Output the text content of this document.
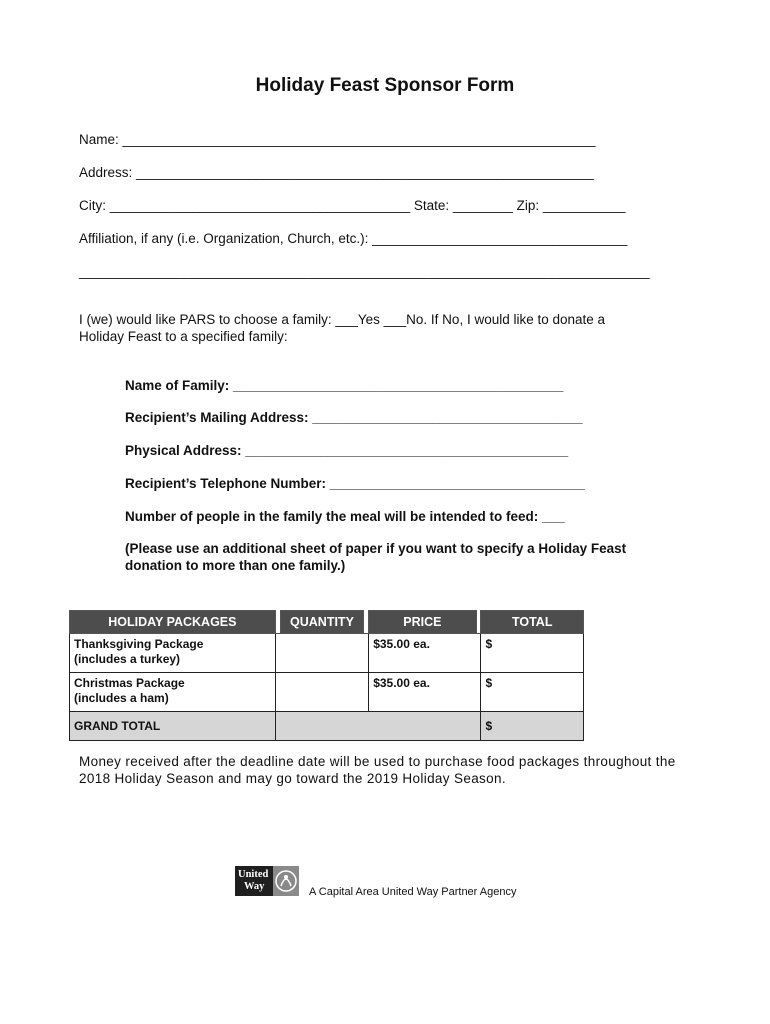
Holiday Feast Sponsor Form
Name: _______________________________________________________________
Address: _____________________________________________________________
City: ________________________________________ State: ________ Zip: ___________
Affiliation, if any (i.e. Organization, Church, etc.): __________________________________
____________________________________________________________________________
I (we) would like PARS to choose a family: ___Yes ___No. If No, I would like to donate a
Holiday Feast to a specified family:
Name of Family: ____________________________________________
Recipient’s Mailing Address: ____________________________________
Physical Address: ___________________________________________
Recipient’s Telephone Number: __________________________________
Number of people in the family the meal will be intended to feed: ___
(Please use an additional sheet of paper if you want to specify a Holiday Feast donation to more than one family.)
HOLIDAY PACKAGES		QUANTITY		PRICE		TOTAL

Thanksgiving Package
(includes a turkey)				$35.00 ea.		$

Christmas Package
(includes a ham)				$35.00 ea.		$
GRAND TOTAL						$
Money received after the deadline date will be used to purchase food packages throughout the 2018 Holiday Season and may go toward the 2019 Holiday Season.
United
Way	A Capital Area United Way Partner Agency
